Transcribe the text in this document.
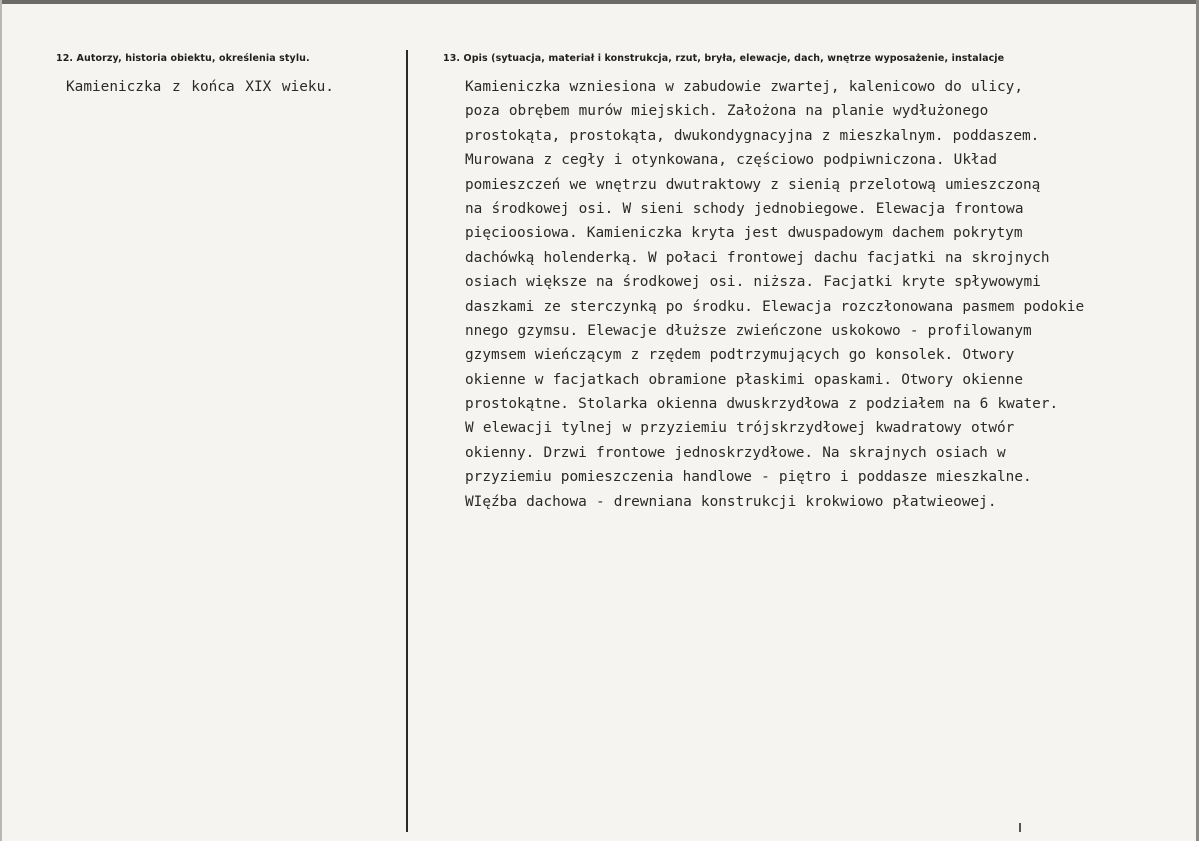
12. Autorzy, historia obiektu, określenia stylu.
Kamieniczka z końca XIX wieku.
13. Opis (sytuacja, materiał i konstrukcja, rzut, bryła, elewacje, dach, wnętrze wyposażenie, instalacje
Kamieniczka wzniesiona w zabudowie zwartej, kalenicowo do ulicy,
poza obrębem murów miejskich. Założona na planie wydłużonego
prostokąta, prostokąta, dwukondygnacyjna z mieszkalnym. poddaszem.
Murowana z cegły i otynkowana, częściowo podpiwniczona. Układ
pomieszczeń we wnętrzu dwutraktowy z sienią przelotową umieszczoną
na środkowej osi. W sieni schody jednobiegowe. Elewacja frontowa
pięcioosiowa. Kamieniczka kryta jest dwuspadowym dachem pokrytym
dachówką holenderką. W połaci frontowej dachu facjatki na skrojnych
osiach większe na środkowej osi. niższa. Facjatki kryte spływowymi
daszkami ze sterczynką po środku. Elewacja rozczłonowana pasmem podokie
nnego gzymsu. Elewacje dłuższe zwieńczone uskokowo - profilowanym
gzymsem wieńczącym z rzędem podtrzymujących go konsolek. Otwory
okienne w facjatkach obramione płaskimi opaskami. Otwory okienne
prostokątne. Stolarka okienna dwuskrzydłowa z podziałem na 6 kwater.
W elewacji tylnej w przyziemiu trójskrzydłowej kwadratowy otwór
okienny. Drzwi frontowe jednoskrzydłowe. Na skrajnych osiach w
przyziemiu pomieszczenia handlowe - piętro i poddasze mieszkalne.
WIęźba dachowa - drewniana konstrukcji krokwiowo płatwieowej.
